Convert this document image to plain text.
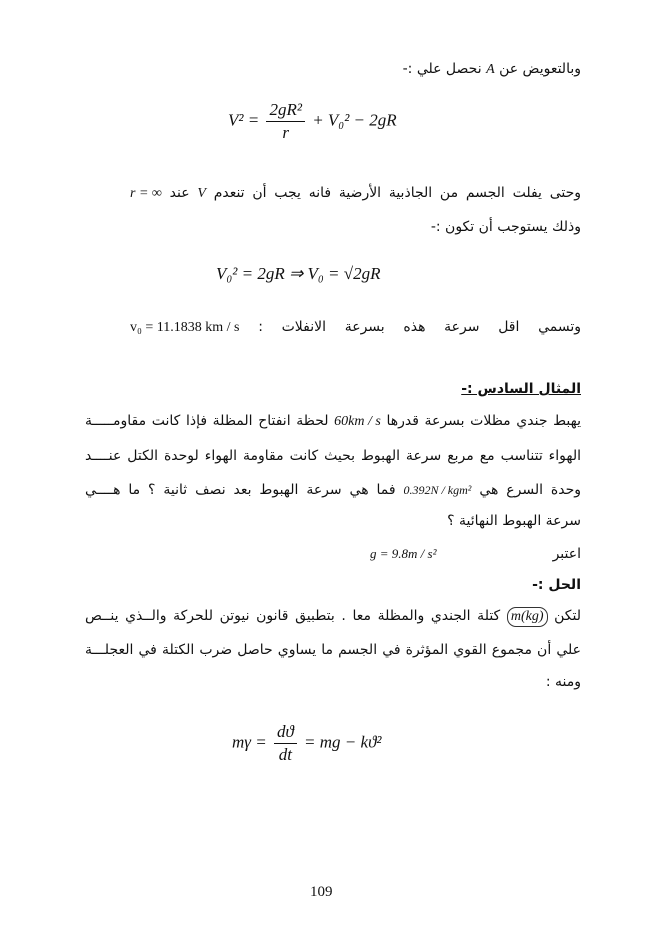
وبالتعويض عن A نحصل علي :-
$V^2 = \frac{\text{2gR²}}{r} + V_0^2 - 2gR$
وحتى يفلت الجسم من الجاذبية الأرضية فانه يجب أن تنعدم V عند r = ∞
وذلك يستوجب أن تكون :-
V₀² = 2gR ⇒ V₀ = √2gR
وتسمي اقل سرعة هذه بسرعة الانفلات : v₀ = 11.1838 km / s
المثال السادس :-
يهبط جندي مظلات بسرعة قدرها 60km / s لحظة انفتاح المظلة فإذا كانت مقاومـــــة
الهواء تتناسب مع مربع سرعة الهبوط بحيث كانت مقاومة الهواء لوحدة الكتل عنــــد
وحدة السرع هي 0.392N / kgm² فما هي سرعة الهبوط بعد نصف ثانية ؟ ما هــــي
سرعة الهبوط النهائية ؟
اعتبر g = 9.8m / s²
الحل :-
لتكن m(kg) كتلة الجندي والمظلة معا . بتطبيق قانون نيوتن للحركة والــذي ينــص
علي أن مجموع القوي المؤثرة في الجسم ما يساوي حاصل ضرب الكتلة في العجلـــة
ومنه :
$m\gamma = \frac{dϑ}{dt}$ = mg − kϑ²
109
